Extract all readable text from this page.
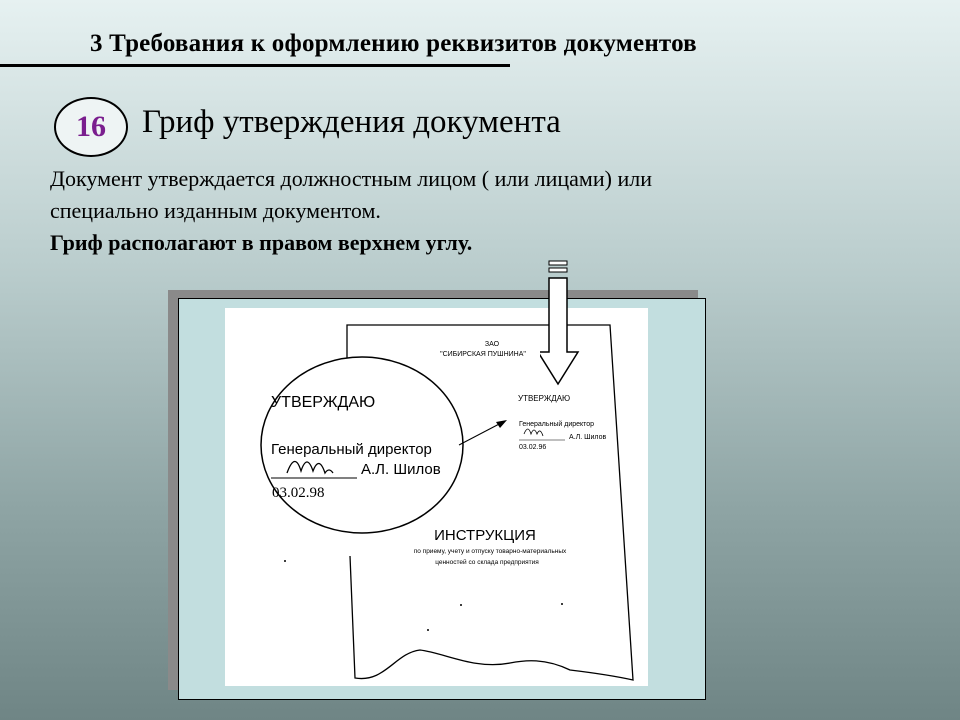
3 Требования к оформлению реквизитов документов
16	Гриф утверждения документа

Документ утверждается должностным лицом ( или лицами) или

специально изданным документом.

Гриф располагают в правом верхнем углу.

ЗАО
"СИБИРСКАЯ ПУШНИНА"
УТВЕРЖДАЮ
Генеральный директор
А.Л. Шилов
03.02.96
УТВЕРЖДАЮ
Генеральный директор
А.Л. Шилов
03.02.98
ИНСТРУКЦИЯ
по приему, учету и отпуску товарно-материальных
ценностей со склада предприятия
